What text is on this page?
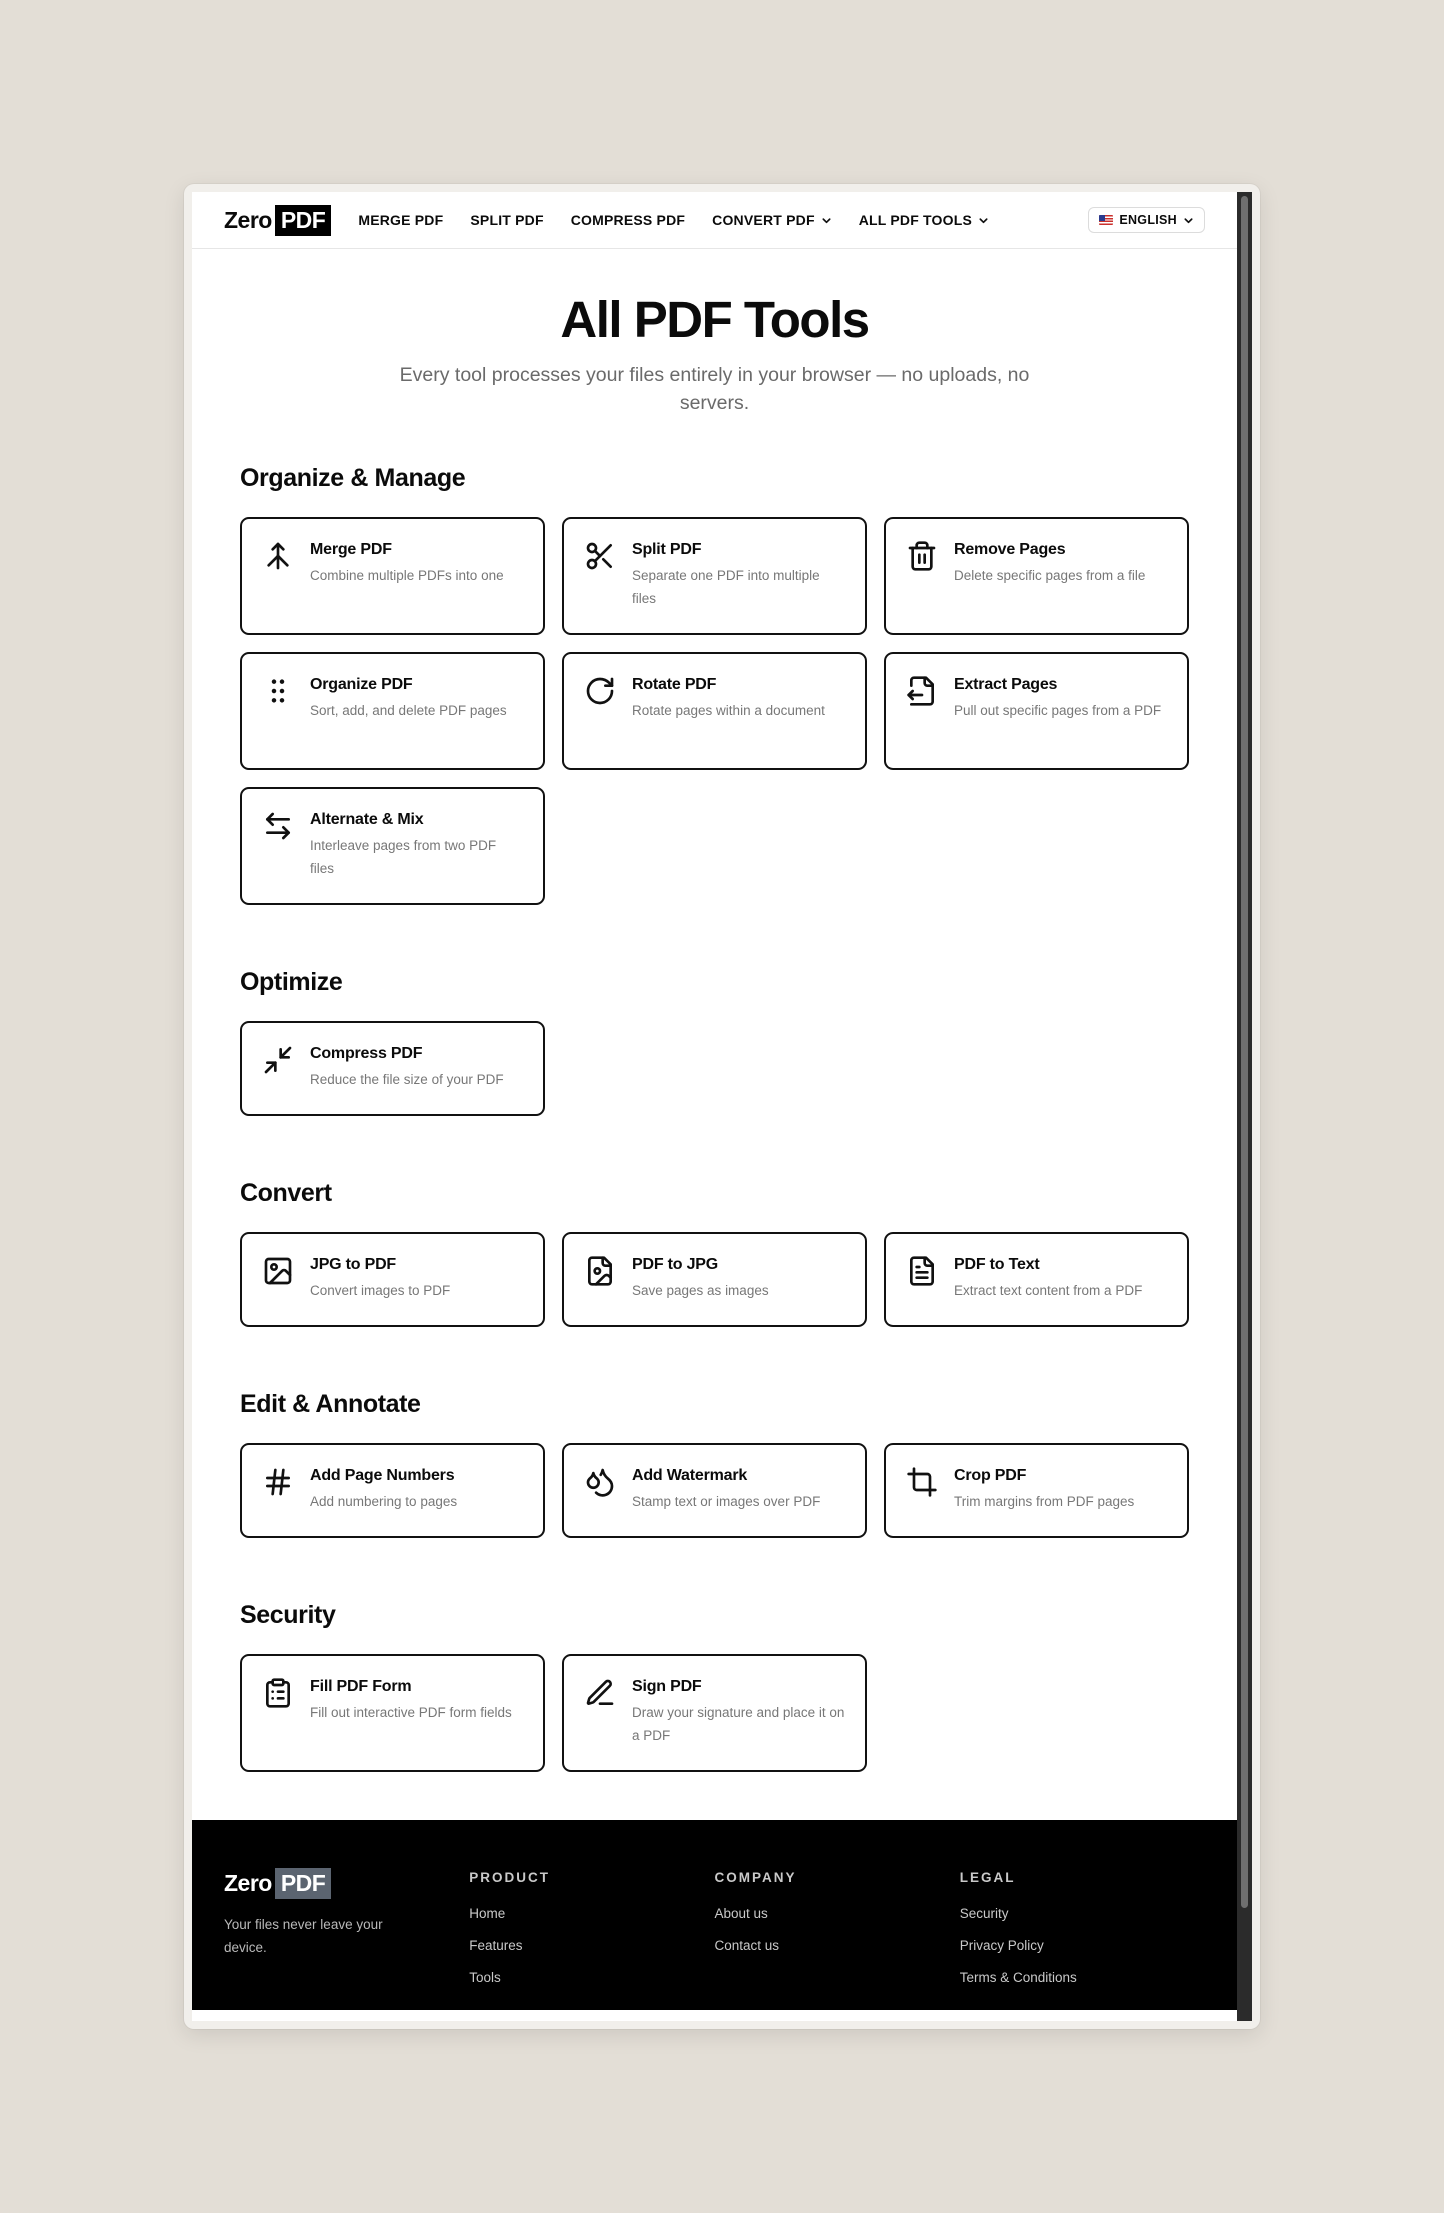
Zero PDF	MERGE PDF SPLIT PDF COMPRESS PDF CONVERT PDF	ALL PDF TOOLS	ENGLISH
All PDF Tools

Every tool processes your files entirely in your browser — no uploads, no servers.

Organize & Manage
Merge PDF
Combine multiple PDFs into one
Split PDF
Separate one PDF into multiple files
Remove Pages
Delete specific pages from a file
Organize PDF
Sort, add, and delete PDF pages
Rotate PDF
Rotate pages within a document
Extract Pages
Pull out specific pages from a PDF
Alternate & Mix
Interleave pages from two PDF files
Optimize
Compress PDF
Reduce the file size of your PDF
Convert
JPG to PDF
Convert images to PDF
PDF to JPG
Save pages as images
PDF to Text
Extract text content from a PDF
Edit & Annotate
Add Page Numbers
Add numbering to pages
Add Watermark
Stamp text or images over PDF
Crop PDF
Trim margins from PDF pages
Security
Fill PDF Form
Fill out interactive PDF form fields
Sign PDF
Draw your signature and place it on a PDF
Zero PDF
Your files never leave your device.
PRODUCT
Home
Features
Tools
COMPANY
About us
Contact us
LEGAL
Security
Privacy Policy
Terms & Conditions
